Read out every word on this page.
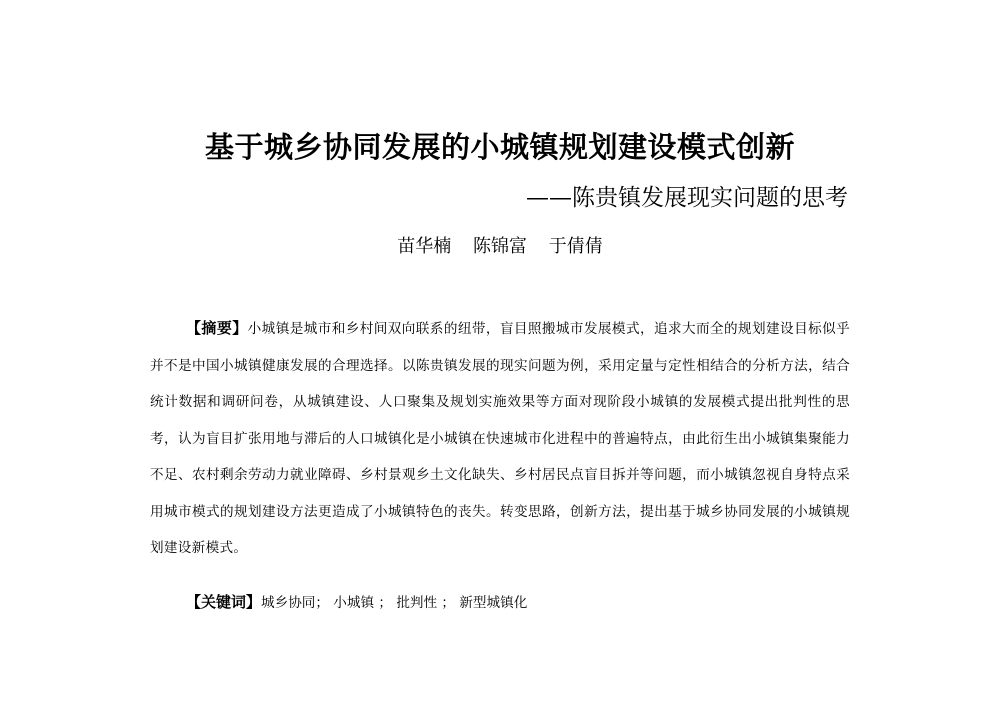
基于城乡协同发展的小城镇规划建设模式创新
——陈贵镇发展现实问题的思考
苗华楠 陈锦富 于倩倩
【摘要】小城镇是城市和乡村间双向联系的纽带，盲目照搬城市发展模式，追求大而全的规划建设目标似乎并不是中国小城镇健康发展的合理选择。以陈贵镇发展的现实问题为例，采用定量与定性相结合的分析方法，结合统计数据和调研问卷，从城镇建设、人口聚集及规划实施效果等方面对现阶段小城镇的发展模式提出批判性的思考，认为盲目扩张用地与滞后的人口城镇化是小城镇在快速城市化进程中的普遍特点，由此衍生出小城镇集聚能力不足、农村剩余劳动力就业障碍、乡村景观乡土文化缺失、乡村居民点盲目拆并等问题，而小城镇忽视自身特点采用城市模式的规划建设方法更造成了小城镇特色的丧失。转变思路，创新方法，提出基于城乡协同发展的小城镇规划建设新模式。
【关键词】城乡协同； 小城镇 ； 批判性 ； 新型城镇化
